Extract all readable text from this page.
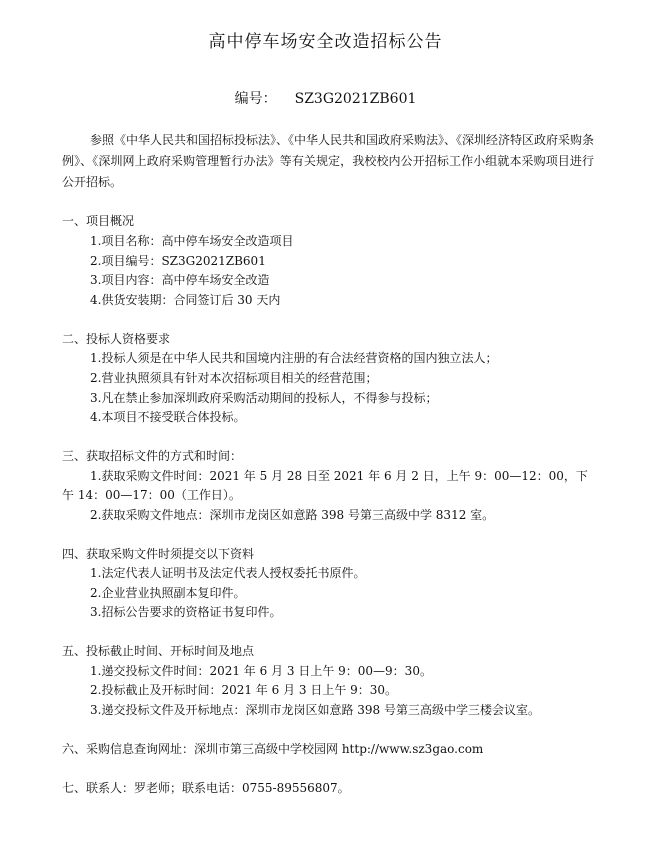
高中停车场安全改造招标公告
编号： SZ3G2021ZB601
参照《中华人民共和国招标投标法》、《中华人民共和国政府采购法》、《深圳经济特区政府采购条例》、《深圳网上政府采购管理暂行办法》等有关规定，我校校内公开招标工作小组就本采购项目进行公开招标。
一、项目概况
1.项目名称：高中停车场安全改造项目
2.项目编号：SZ3G2021ZB601
3.项目内容：高中停车场安全改造
4.供货安装期：合同签订后 30 天内
二、投标人资格要求
1.投标人须是在中华人民共和国境内注册的有合法经营资格的国内独立法人；
2.营业执照须具有针对本次招标项目相关的经营范围；
3.凡在禁止参加深圳政府采购活动期间的投标人，不得参与投标；
4.本项目不接受联合体投标。
三、获取招标文件的方式和时间：
1.获取采购文件时间：2021 年 5 月 28 日至 2021 年 6 月 2 日，上午 9：00—12：00，下
午 14：00—17：00（工作日）。
2.获取采购文件地点：深圳市龙岗区如意路 398 号第三高级中学 8312 室。
四、获取采购文件时须提交以下资料
1.法定代表人证明书及法定代表人授权委托书原件。
2.企业营业执照副本复印件。
3.招标公告要求的资格证书复印件。
五、投标截止时间、开标时间及地点
1.递交投标文件时间：2021 年 6 月 3 日上午 9：00—9：30。
2.投标截止及开标时间：2021 年 6 月 3 日上午 9：30。
3.递交投标文件及开标地点：深圳市龙岗区如意路 398 号第三高级中学三楼会议室。
六、采购信息查询网址：深圳市第三高级中学校园网 http://www.sz3gao.com
七、联系人：罗老师；联系电话：0755-89556807。
